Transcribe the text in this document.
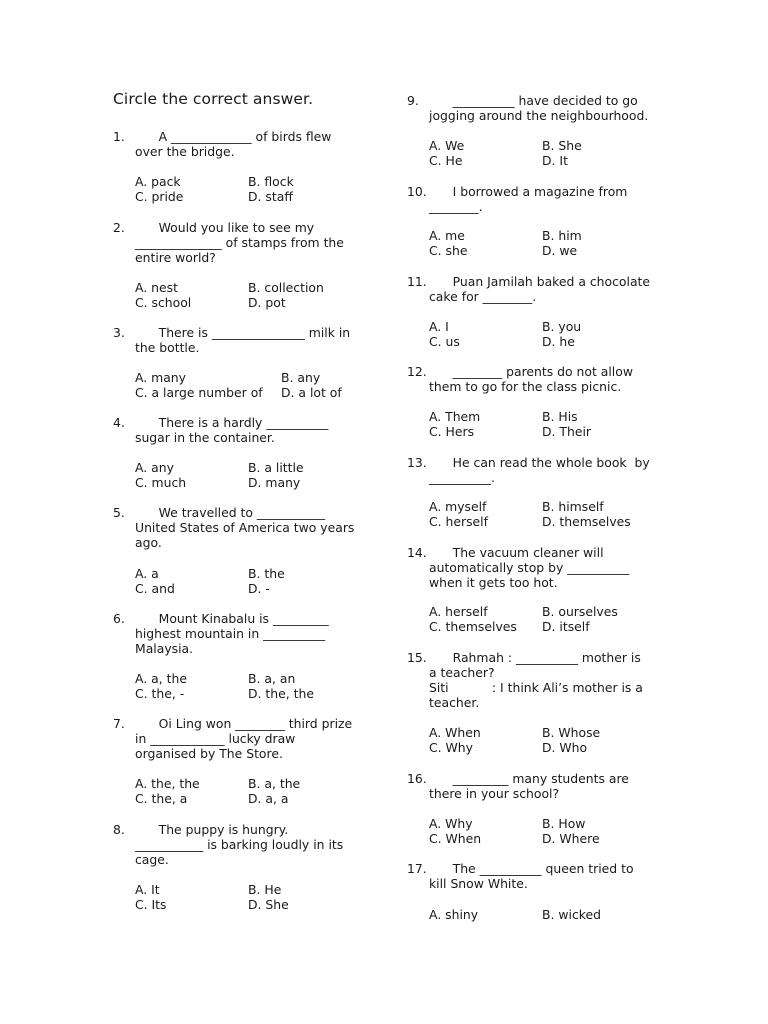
Circle the correct answer.
1. A _____________ of birds flew
over the bridge.
A. pack	B. flock
C. pride	D. staff
2. Would you like to see my
______________ of stamps from the
entire world?
A. nest	B. collection
C. school	D. pot
3. There is _______________ milk in
the bottle.
A. many	B. any
C. a large number of D. a lot of
4. There is a hardly __________
sugar in the container.
A. any	B. a little
C. much	D. many
5. We travelled to ___________
United States of America two years
ago.
A. a	B. the
C. and	D. -
6. Mount Kinabalu is _________
highest mountain in __________
Malaysia.
A. a, the	B. a, an
C. the, -	D. the, the
7. Oi Ling won ________ third prize
in ____________ lucky draw
organised by The Store.
A. the, the	B. a, the
C. the, a	D. a, a
8. The puppy is hungry.
___________ is barking loudly in its
cage.
A. It	B. He
C. Its	D. She
9. __________ have decided to go
jogging around the neighbourhood.
A. We	B. She
C. He	D. It
10. I borrowed a magazine from
________.
A. me	B. him
C. she	D. we
11. Puan Jamilah baked a chocolate
cake for ________.
A. I	B. you
C. us	D. he
12. ________ parents do not allow
them to go for the class picnic.
A. Them	B. His
C. Hers	D. Their
13. He can read the whole book  by
__________.
A. myself	B. himself
C. herself	D. themselves
14. The vacuum cleaner will
automatically stop by __________
when it gets too hot.
A. herself	B. ourselves
C. themselves D. itself
15. Rahmah : __________ mother is
a teacher?
Siti           : I think Ali’s mother is a
teacher.
A. When	B. Whose
C. Why	D. Who
16. _________ many students are
there in your school?
A. Why	B. How
C. When	D. Where
17. The __________ queen tried to
kill Snow White.
A. shiny	B. wicked
